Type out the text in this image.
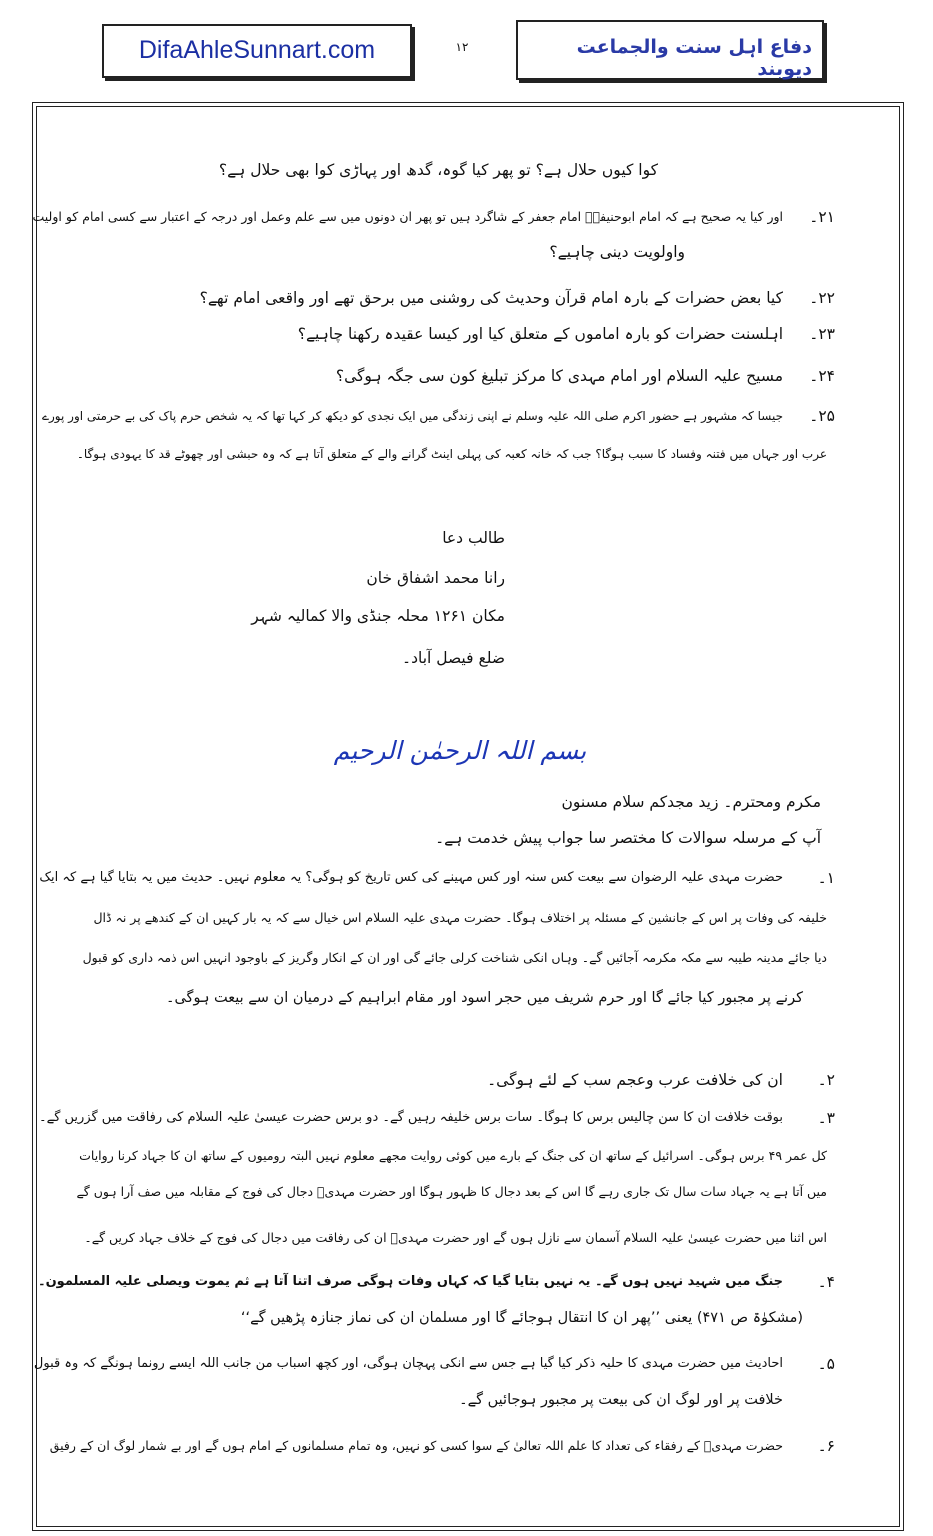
DifaAhleSunnart.com	۱۲	دفاع اہل سنت والجماعت دیوبند
کوا کیوں حلال ہے؟ تو پھر کیا گوہ، گدھ اور پہاڑی کوا بھی حلال ہے؟
۲۱۔
اور کیا یہ صحیح ہے کہ امام ابوحنیفہؒ امام جعفر کے شاگرد ہیں تو پھر ان دونوں میں سے علم وعمل اور درجہ کے اعتبار سے کسی امام کو اولیت
واولویت دینی چاہیے؟
۲۲۔
کیا بعض حضرات کے بارہ امام قرآن وحدیث کی روشنی میں برحق تھے اور واقعی امام تھے؟
۲۳۔
اہلسنت حضرات کو بارہ اماموں کے متعلق کیا اور کیسا عقیدہ رکھنا چاہیے؟
۲۴۔
مسیح علیہ السلام اور امام مہدی کا مرکز تبلیغ کون سی جگہ ہوگی؟
۲۵۔
جیسا کہ مشہور ہے حضور اکرم صلی اللہ علیہ وسلم نے اپنی زندگی میں ایک نجدی کو دیکھ کر کہا تھا کہ یہ شخص حرم پاک کی بے حرمتی اور پورے
عرب اور جہاں میں فتنہ وفساد کا سبب ہوگا؟ جب کہ خانہ کعبہ کی پہلی اینٹ گرانے والے کے متعلق آتا ہے کہ وہ حبشی اور چھوٹے قد کا یہودی ہوگا۔
طالب دعا
رانا محمد اشفاق خان
مکان ۱۲۶۱ محلہ جنڈی والا کمالیہ شہر
ضلع فیصل آباد۔
بسم اللہ الرحمٰن الرحیم
مکرم ومحترم۔ زید مجدکم سلام مسنون
آپ کے مرسلہ سوالات کا مختصر سا جواب پیش خدمت ہے۔
۱۔
حضرت مہدی علیہ الرضوان سے بیعت کس سنہ اور کس مہینے کی کس تاریخ کو ہوگی؟ یہ معلوم نہیں۔ حدیث میں یہ بتایا گیا ہے کہ ایک
خلیفہ کی وفات پر اس کے جانشین کے مسئلہ پر اختلاف ہوگا۔ حضرت مہدی علیہ السلام اس خیال سے کہ یہ بار کہیں ان کے کندھے پر نہ ڈال
دیا جائے مدینہ طیبہ سے مکہ مکرمہ آجائیں گے۔ وہاں انکی شناخت کرلی جائے گی اور ان کے انکار وگریز کے باوجود انہیں اس ذمہ داری کو قبول
کرنے پر مجبور کیا جائے گا اور حرم شریف میں حجر اسود اور مقام ابراہیم کے درمیان ان سے بیعت ہوگی۔
۲۔
ان کی خلافت عرب وعجم سب کے لئے ہوگی۔
۳۔
بوقت خلافت ان کا سن چالیس برس کا ہوگا۔ سات برس خلیفہ رہیں گے۔ دو برس حضرت عیسیٰ علیہ السلام کی رفاقت میں گزریں گے۔
کل عمر ۴۹ برس ہوگی۔ اسرائیل کے ساتھ ان کی جنگ کے بارے میں کوئی روایت مجھے معلوم نہیں البتہ رومیوں کے ساتھ ان کا جہاد کرنا روایات
میں آتا ہے یہ جہاد سات سال تک جاری رہے گا اس کے بعد دجال کا ظہور ہوگا اور حضرت مہدیؒ دجال کی فوج کے مقابلہ میں صف آرا ہوں گے
اس اثنا میں حضرت عیسیٰ علیہ السلام آسمان سے نازل ہوں گے اور حضرت مہدیؒ ان کی رفاقت میں دجال کی فوج کے خلاف جہاد کریں گے۔
۴۔
جنگ میں شہید نہیں ہوں گے۔ یہ نہیں بتایا گیا کہ کہاں وفات ہوگی صرف اتنا آتا ہے ثم یموت ویصلی علیہ المسلمون۔
(مشکوٰۃ ص ۴۷۱) یعنی ’’پھر ان کا انتقال ہوجائے گا اور مسلمان ان کی نماز جنازہ پڑھیں گے‘‘
۵۔
احادیث میں حضرت مہدی کا حلیہ ذکر کیا گیا ہے جس سے انکی پہچان ہوگی، اور کچھ اسباب من جانب اللہ ایسے رونما ہونگے کہ وہ قبول
خلافت پر اور لوگ ان کی بیعت پر مجبور ہوجائیں گے۔
۶۔
حضرت مہدیؒ کے رفقاء کی تعداد کا علم اللہ تعالیٰ کے سوا کسی کو نہیں، وہ تمام مسلمانوں کے امام ہوں گے اور بے شمار لوگ ان کے رفیق
